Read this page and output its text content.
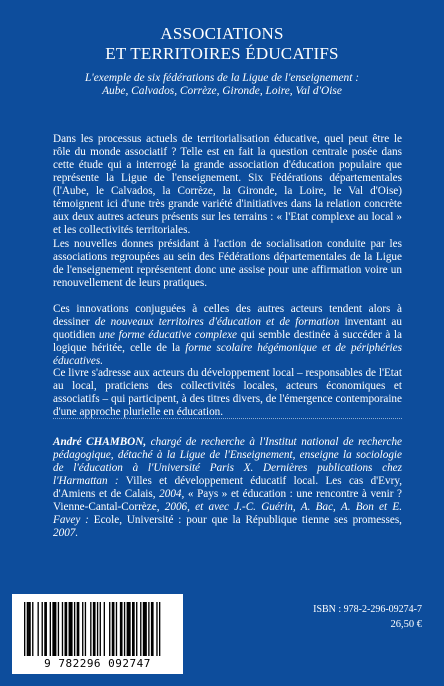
ASSOCIATIONS
ET TERRITOIRES ÉDUCATIFS
L'exemple de six fédérations de la Ligue de l'enseignement :
Aube, Calvados, Corrèze, Gironde, Loire, Val d'Oise

Dans les processus actuels de territorialisation éducative, quel peut être le rôle du monde associatif ? Telle est en fait la question centrale posée dans cette étude qui a interrogé la grande association d'éducation populaire que représente la Ligue de l'enseignement. Six Fédérations départementales (l'Aube, le Calvados, la Corrèze, la Gironde, la Loire, le Val d'Oise) témoignent ici d'une très grande variété d'initiatives dans la relation concrète aux deux autres acteurs présents sur les terrains : « l'Etat complexe au local » et les collectivités territoriales.

Les nouvelles donnes présidant à l'action de socialisation conduite par les associations regroupées au sein des Fédérations départementales de la Ligue de l'enseignement représentent donc une assise pour une affirmation voire un renouvellement de leurs pratiques.

Ces innovations conjuguées à celles des autres acteurs tendent alors à dessiner de nouveaux territoires d'éducation et de formation inventant au quotidien une forme éducative complexe qui semble destinée à succéder à la logique héritée, celle de la forme scolaire hégémonique et de périphéries éducatives.

Ce livre s'adresse aux acteurs du développement local – responsables de l'Etat au local, praticiens des collectivités locales, acteurs économiques et associatifs – qui participent, à des titres divers, de l'émergence contemporaine d'une approche plurielle en éducation.

André CHAMBON, chargé de recherche à l'Institut national de recherche pédagogique, détaché à la Ligue de l'Enseignement, enseigne la sociologie de l'éducation à l'Université Paris X. Dernières publications chez l'Harmattan : Villes et développement éducatif local. Les cas d'Evry, d'Amiens et de Calais, 2004, « Pays » et éducation : une rencontre à venir ? Vienne-Cantal-Corrèze, 2006, et avec J.-C. Guérin, A. Bac, A. Bon et E. Favey : Ecole, Université : pour que la République tienne ses promesses, 2007.

9 782296 092747
ISBN : 978-2-296-09274-7
26,50 €
